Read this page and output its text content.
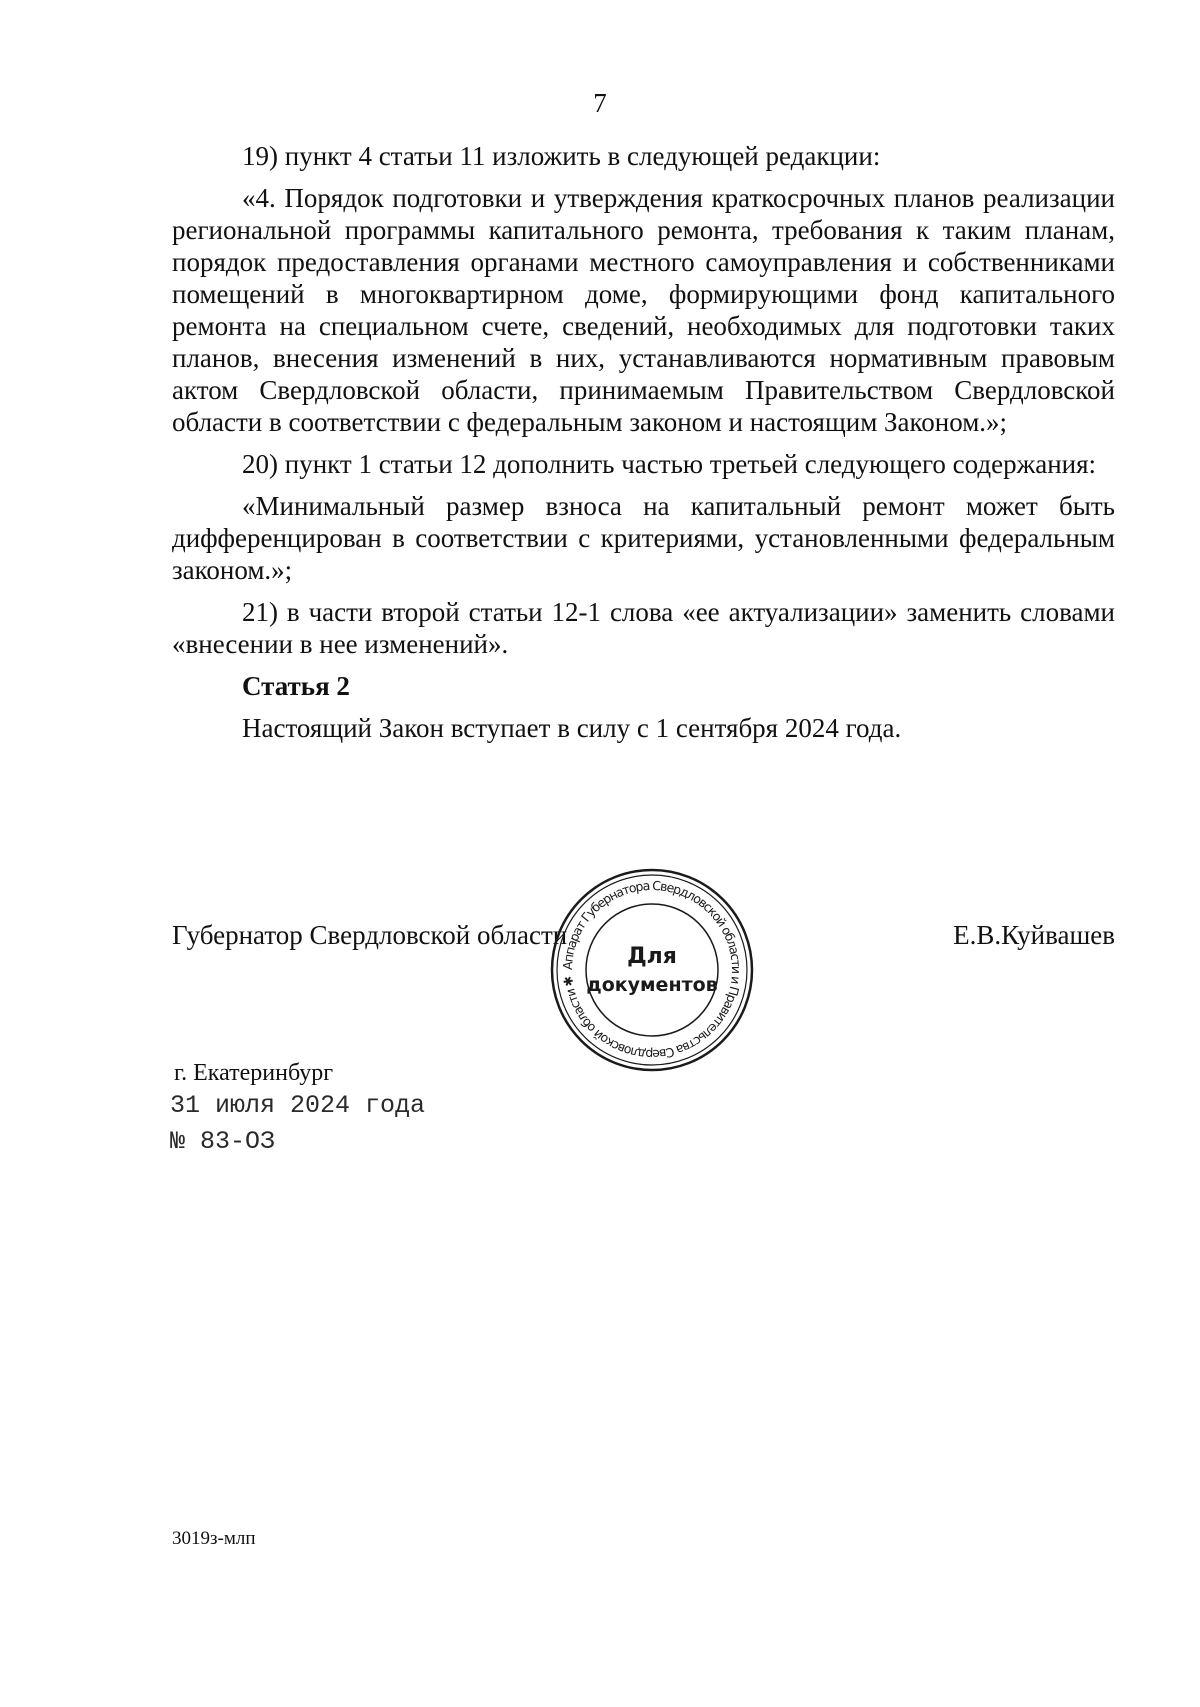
7

19) пункт 4 статьи 11 изложить в следующей редакции:

«4. Порядок подготовки и утверждения краткосрочных планов реализации региональной программы капитального ремонта, требования к таким планам, порядок предоставления органами местного самоуправления и собственниками помещений в многоквартирном доме, формирующими фонд капитального ремонта на специальном счете, сведений, необходимых для подготовки таких планов, внесения изменений в них, устанавливаются нормативным правовым актом Свердловской области, принимаемым Правительством Свердловской области в соответствии с федеральным законом и настоящим Законом.»;

20) пункт 1 статьи 12 дополнить частью третьей следующего содержания:

«Минимальный размер взноса на капитальный ремонт может быть дифференцирован в соответствии с критериями, установленными федеральным законом.»;

21) в части второй статьи 12-1 слова «ее актуализации» заменить словами «внесении в нее изменений».

Статья 2

Настоящий Закон вступает в силу с 1 сентября 2024 года.

Губернатор Свердловской области	Е.В.Куйвашев
Аппарат Губернатора Свердловской области и Правительства Свердловской области ✱
Для
документов
г. Екатеринбург
31 июля 2024 года
№ 83-ОЗ
3019з-млп
